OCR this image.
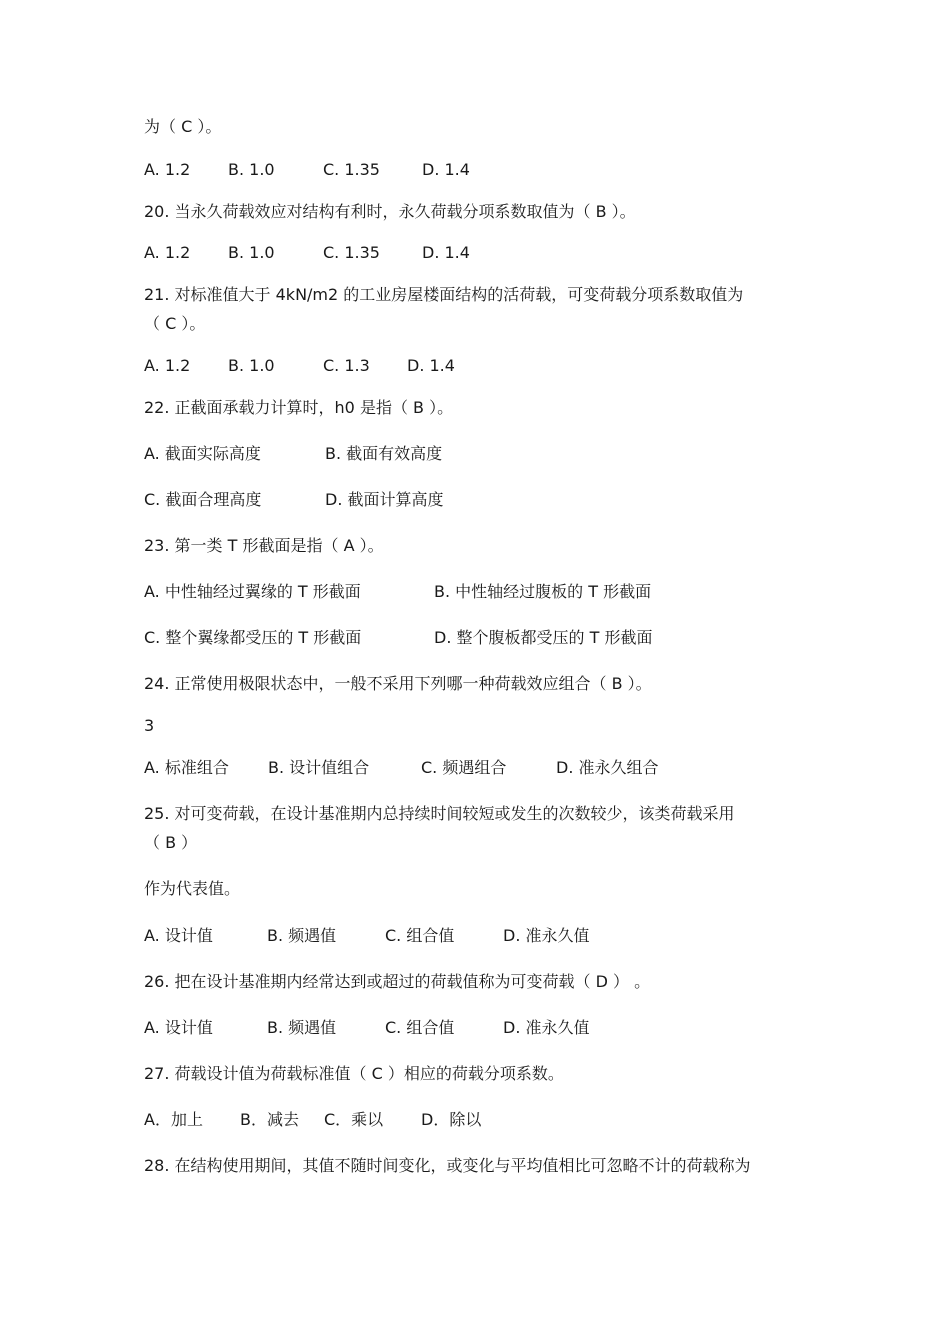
为（ C ）。

A. 1.2 B. 1.0	C. 1.35	D. 1.4

20. 当永久荷载效应对结构有利时，永久荷载分项系数取值为（ B ）。

A. 1.2 B. 1.0	C. 1.35	D. 1.4

21. 对标准值大于 4kN/m2 的工业房屋楼面结构的活荷载，可变荷载分项系数取值为

（ C ）。

A. 1.2 B. 1.0	C. 1.3 D. 1.4

22. 正截面承载力计算时，h0 是指（ B ）。

A. 截面实际高度	B. 截面有效高度
C. 截面合理高度	D. 截面计算高度

23. 第一类 T 形截面是指（ A ）。

A. 中性轴经过翼缘的 T 形截面	B. 中性轴经过腹板的 T 形截面
C. 整个翼缘都受压的 T 形截面	D. 整个腹板都受压的 T 形截面

24. 正常使用极限状态中，一般不采用下列哪一种荷载效应组合（ B ）。

3

A. 标准组合 B. 设计值组合	C. 频遇组合	D. 准永久组合

25. 对可变荷载，在设计基准期内总持续时间较短或发生的次数较少，该类荷载采用

（ B ）

作为代表值。

A. 设计值	B. 频遇值	C. 组合值	D. 准永久值

26. 把在设计基准期内经常达到或超过的荷载值称为可变荷载（ D ） 。

A. 设计值	B. 频遇值	C. 组合值	D. 准永久值

27. 荷载设计值为荷载标准值（ C ）相应的荷载分项系数。

A．加上 B．减去 C．乘以 D．除以

28. 在结构使用期间，其值不随时间变化，或变化与平均值相比可忽略不计的荷载称为
